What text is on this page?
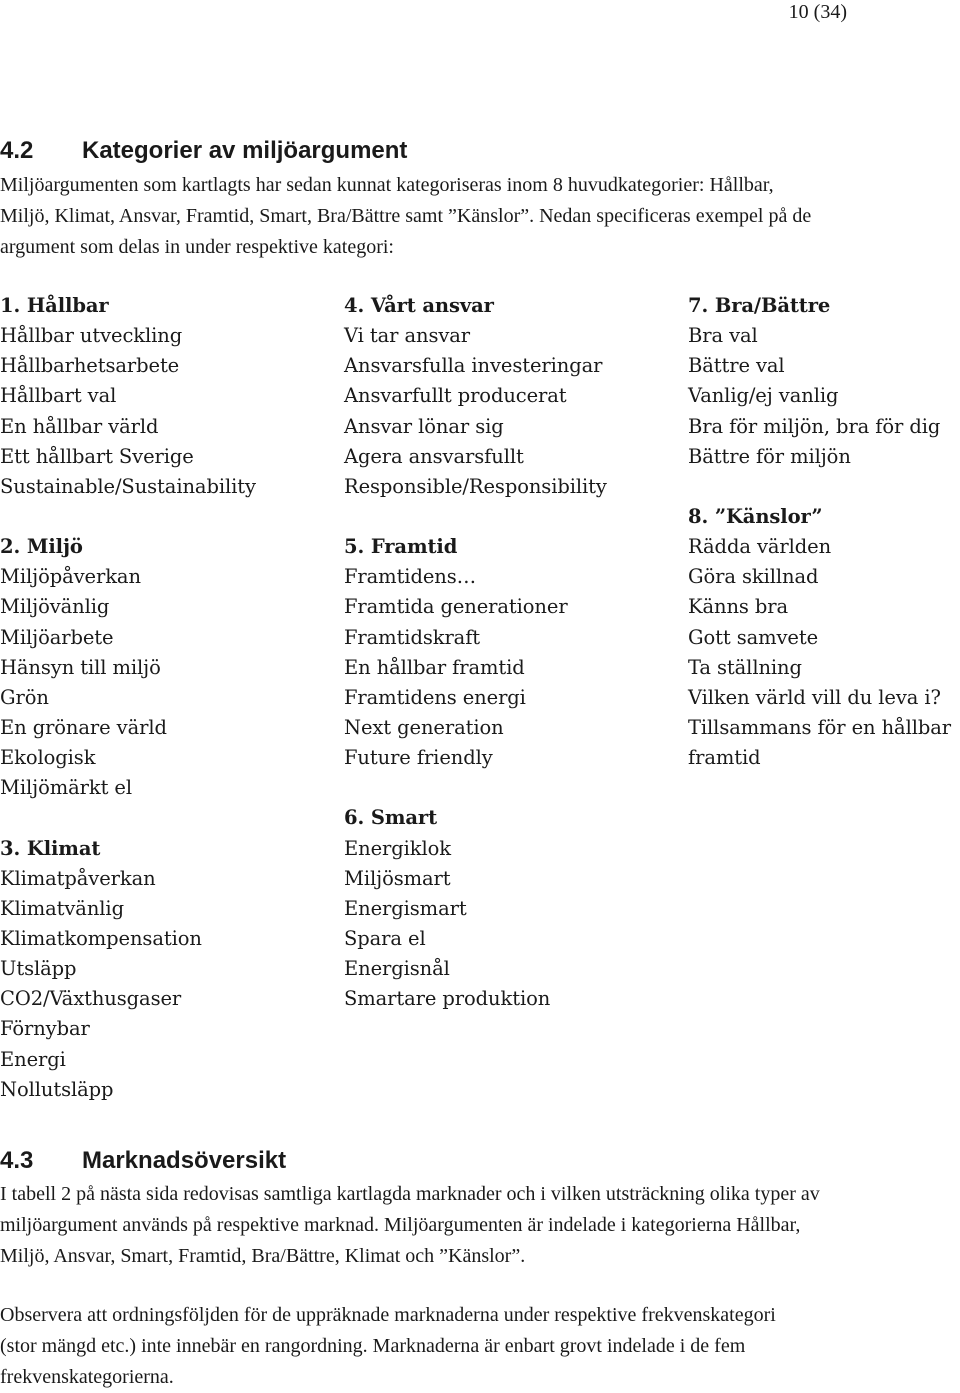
10 (34)
4.2 Kategorier av miljöargument
Miljöargumenten som kartlagts har sedan kunnat kategoriseras inom 8 huvudkategorier: Hållbar,
Miljö, Klimat, Ansvar, Framtid, Smart, Bra/Bättre samt ”Känslor”. Nedan specificeras exempel på de
argument som delas in under respektive kategori:
1. Hållbar
Hållbar utveckling
Hållbarhetsarbete
Hållbart val
En hållbar värld
Ett hållbart Sverige
Sustainable/Sustainability
2. Miljö
Miljöpåverkan
Miljövänlig
Miljöarbete
Hänsyn till miljö
Grön
En grönare värld
Ekologisk
Miljömärkt el
3. Klimat
Klimatpåverkan
Klimatvänlig
Klimatkompensation
Utsläpp
CO2/Växthusgaser
Förnybar
Energi
Nollutsläpp
4. Vårt ansvar
Vi tar ansvar
Ansvarsfulla investeringar
Ansvarfullt producerat
Ansvar lönar sig
Agera ansvarsfullt
Responsible/Responsibility
5. Framtid
Framtidens…
Framtida generationer
Framtidskraft
En hållbar framtid
Framtidens energi
Next generation
Future friendly
6. Smart
Energiklok
Miljösmart
Energismart
Spara el
Energisnål
Smartare produktion
7. Bra/Bättre
Bra val
Bättre val
Vanlig/ej vanlig
Bra för miljön, bra för dig
Bättre för miljön
8. ”Känslor”
Rädda världen
Göra skillnad
Känns bra
Gott samvete
Ta ställning
Vilken värld vill du leva i?
Tillsammans för en hållbar
framtid
4.3 Marknadsöversikt
I tabell 2 på nästa sida redovisas samtliga kartlagda marknader och i vilken utsträckning olika typer av
miljöargument används på respektive marknad. Miljöargumenten är indelade i kategorierna Hållbar,
Miljö, Ansvar, Smart, Framtid, Bra/Bättre, Klimat och ”Känslor”.
Observera att ordningsföljden för de uppräknade marknaderna under respektive frekvenskategori
(stor mängd etc.) inte innebär en rangordning. Marknaderna är enbart grovt indelade i de fem
frekvenskategorierna.
